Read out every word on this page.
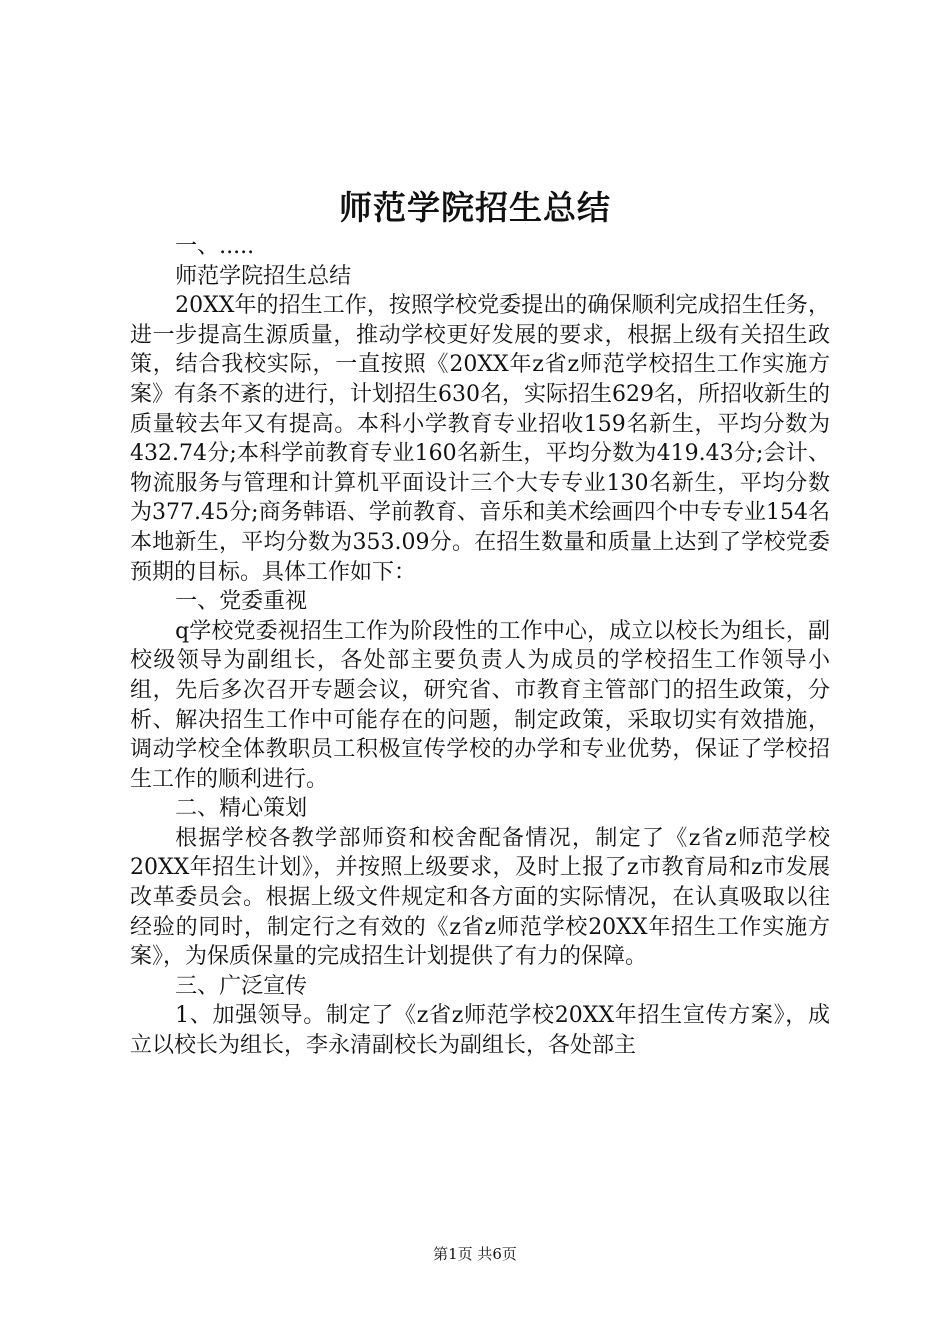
师范学院招生总结

一、.....

师范学院招生总结

20XX年的招生工作，按照学校党委提出的确保顺利完成招生任务，进一步提高生源质量，推动学校更好发展的要求，根据上级有关招生政策，结合我校实际，一直按照《20XX年z省z师范学校招生工作实施方案》有条不紊的进行，计划招生630名，实际招生629名，所招收新生的质量较去年又有提高。本科小学教育专业招收159名新生，平均分数为432.74分;本科学前教育专业160名新生，平均分数为419.43分;会计、物流服务与管理和计算机平面设计三个大专专业130名新生，平均分数为377.45分;商务韩语、学前教育、音乐和美术绘画四个中专专业154名本地新生，平均分数为353.09分。在招生数量和质量上达到了学校党委预期的目标。具体工作如下：

一、党委重视

q学校党委视招生工作为阶段性的工作中心，成立以校长为组长，副校级领导为副组长，各处部主要负责人为成员的学校招生工作领导小组，先后多次召开专题会议，研究省、市教育主管部门的招生政策，分析、解决招生工作中可能存在的问题，制定政策，采取切实有效措施，调动学校全体教职员工积极宣传学校的办学和专业优势，保证了学校招生工作的顺利进行。

二、精心策划

根据学校各教学部师资和校舍配备情况，制定了《z省z师范学校20XX年招生计划》，并按照上级要求，及时上报了z市教育局和z市发展改革委员会。根据上级文件规定和各方面的实际情况，在认真吸取以往经验的同时，制定行之有效的《z省z师范学校20XX年招生工作实施方案》，为保质保量的完成招生计划提供了有力的保障。

三、广泛宣传

1、加强领导。制定了《z省z师范学校20XX年招生宣传方案》，成立以校长为组长，李永清副校长为副组长，各处部主

第1页 共6页
